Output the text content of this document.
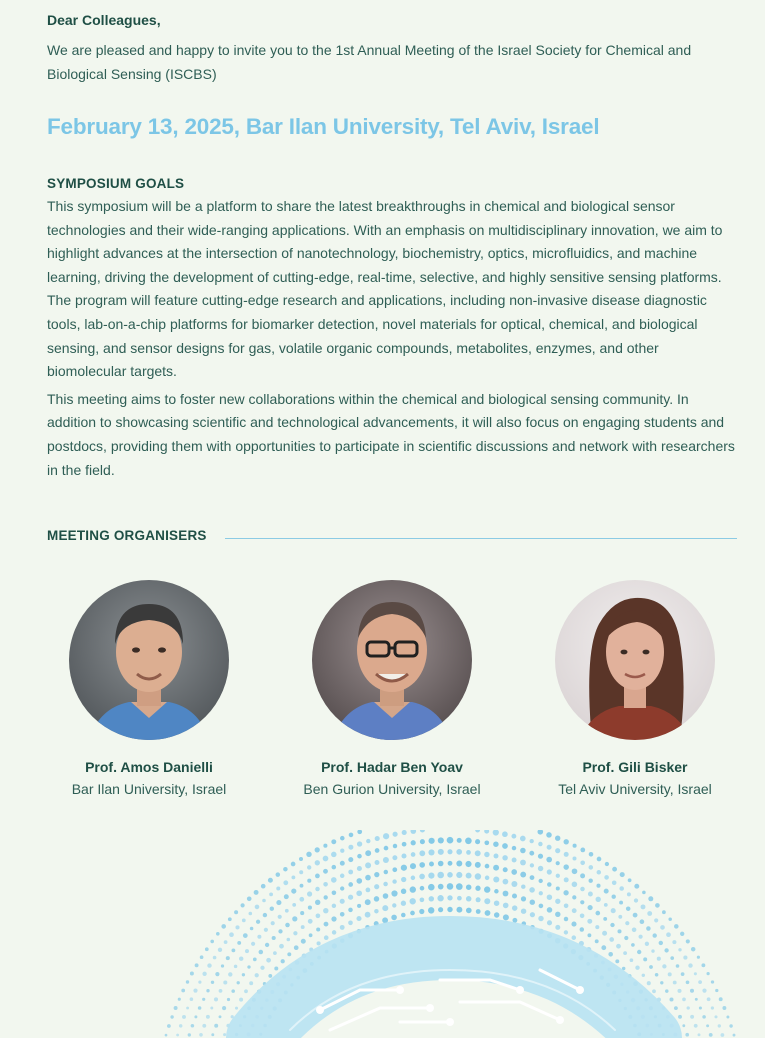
Dear Colleagues,

We are pleased and happy to invite you to the 1st Annual Meeting of the Israel Society for Chemical and Biological Sensing (ISCBS)

February 13, 2025, Bar Ilan University, Tel Aviv, Israel
SYMPOSIUM GOALS

This symposium will be a platform to share the latest breakthroughs in chemical and biological sensor technologies and their wide-ranging applications. With an emphasis on multidisciplinary innovation, we aim to highlight advances at the intersection of nanotechnology, biochemistry, optics, microfluidics, and machine learning, driving the development of cutting-edge, real-time, selective, and highly sensitive sensing platforms. The program will feature cutting-edge research and applications, including non-invasive disease diagnostic tools, lab-on-a-chip platforms for biomarker detection, novel materials for optical, chemical, and biological sensing, and sensor designs for gas, volatile organic compounds, metabolites, enzymes, and other biomolecular targets.

This meeting aims to foster new collaborations within the chemical and biological sensing community. In addition to showcasing scientific and technological advancements, it will also focus on engaging students and postdocs, providing them with opportunities to participate in scientific discussions and network with researchers in the field.

MEETING ORGANISERS
Prof. Amos Danielli
Bar Ilan University, Israel
Prof. Hadar Ben Yoav
Ben Gurion University, Israel
Prof. Gili Bisker
Tel Aviv University, Israel
